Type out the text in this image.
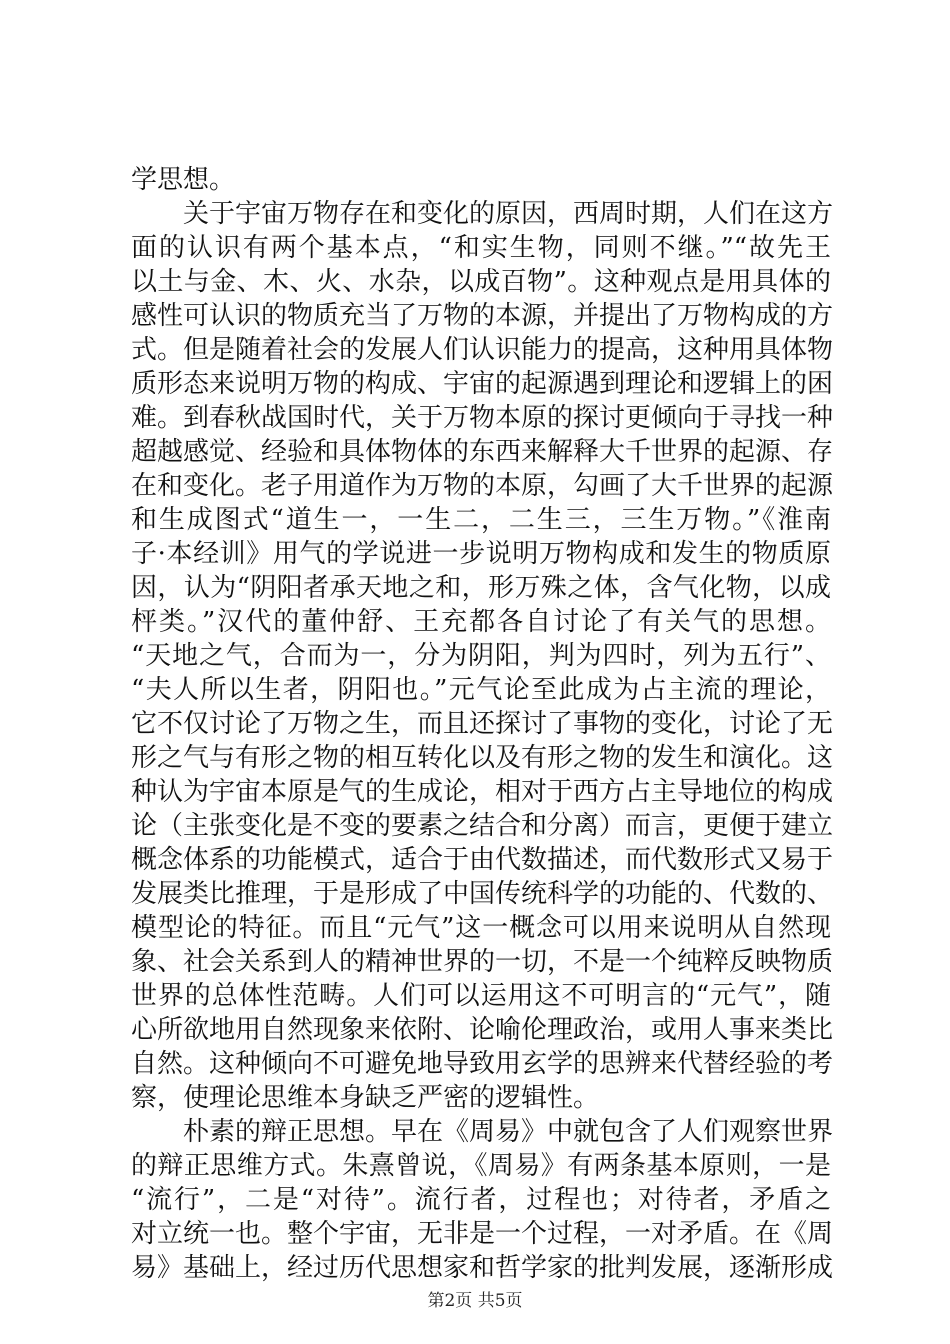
学思想。
关于宇宙万物存在和变化的原因，西周时期，人们在这方
面的认识有两个基本点，“和实生物，同则不继。”“故先王
以土与金、木、火、水杂，以成百物”。这种观点是用具体的
感性可认识的物质充当了万物的本源，并提出了万物构成的方
式。但是随着社会的发展人们认识能力的提高，这种用具体物
质形态来说明万物的构成、宇宙的起源遇到理论和逻辑上的困
难。到春秋战国时代，关于万物本原的探讨更倾向于寻找一种
超越感觉、经验和具体物体的东西来解释大千世界的起源、存
在和变化。老子用道作为万物的本原，勾画了大千世界的起源
和生成图式“道生一，一生二，二生三，三生万物。”《淮南
子·本经训》用气的学说进一步说明万物构成和发生的物质原
因，认为“阴阳者承天地之和，形万殊之体，含气化物，以成
枰类。”汉代的董仲舒、王充都各自讨论了有关气的思想。
“天地之气，合而为一，分为阴阳，判为四时，列为五行”、
“夫人所以生者，阴阳也。”元气论至此成为占主流的理论，
它不仅讨论了万物之生，而且还探讨了事物的变化，讨论了无
形之气与有形之物的相互转化以及有形之物的发生和演化。这
种认为宇宙本原是气的生成论，相对于西方占主导地位的构成
论（主张变化是不变的要素之结合和分离）而言，更便于建立
概念体系的功能模式，适合于由代数描述，而代数形式又易于
发展类比推理，于是形成了中国传统科学的功能的、代数的、
模型论的特征。而且“元气”这一概念可以用来说明从自然现
象、社会关系到人的精神世界的一切，不是一个纯粹反映物质
世界的总体性范畴。人们可以运用这不可明言的“元气”，随
心所欲地用自然现象来依附、论喻伦理政治，或用人事来类比
自然。这种倾向不可避免地导致用玄学的思辨来代替经验的考
察，使理论思维本身缺乏严密的逻辑性。
朴素的辩正思想。早在《周易》中就包含了人们观察世界
的辩正思维方式。朱熹曾说，《周易》有两条基本原则，一是
“流行”，二是“对待”。流行者，过程也；对待者，矛盾之
对立统一也。整个宇宙，无非是一个过程，一对矛盾。在《周
易》基础上，经过历代思想家和哲学家的批判发展，逐渐形成
第2页 共5页
